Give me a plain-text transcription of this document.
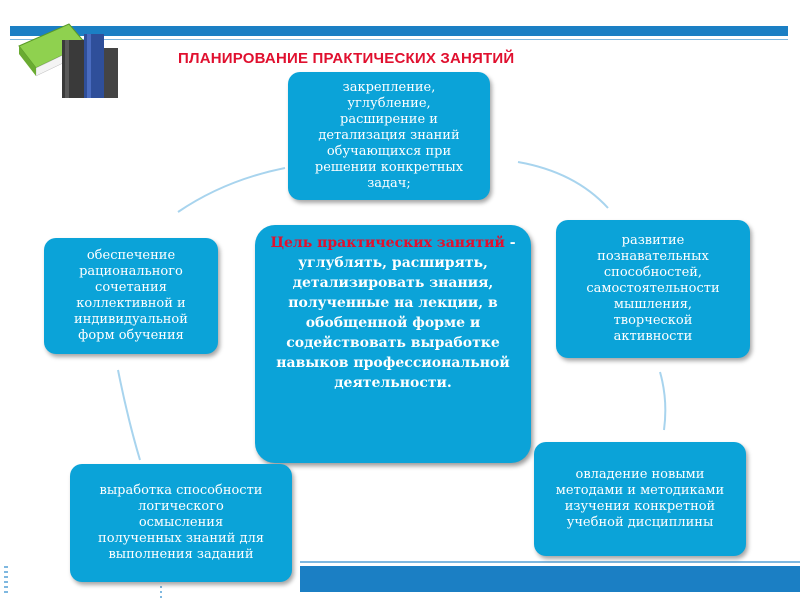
ПЛАНИРОВАНИЕ ПРАКТИЧЕСКИХ ЗАНЯТИЙ
закрепление,
углубление,
расширение и
детализация знаний
обучающихся при
решении конкретных
задач;
развитие
познавательных
способностей,
самостоятельности
мышления,
творческой
активности
обеспечение
рационального
сочетания
коллективной и
индивидуальной
форм обучения
Цель практических занятий - углублять, расширять, детализировать знания, полученные на лекции, в обобщенной форме и содействовать выработке навыков профессиональной деятельности.
выработка способности
логического
осмысления
полученных знаний для
выполнения заданий
овладение новыми
методами и методиками
изучения конкретной
учебной дисциплины
